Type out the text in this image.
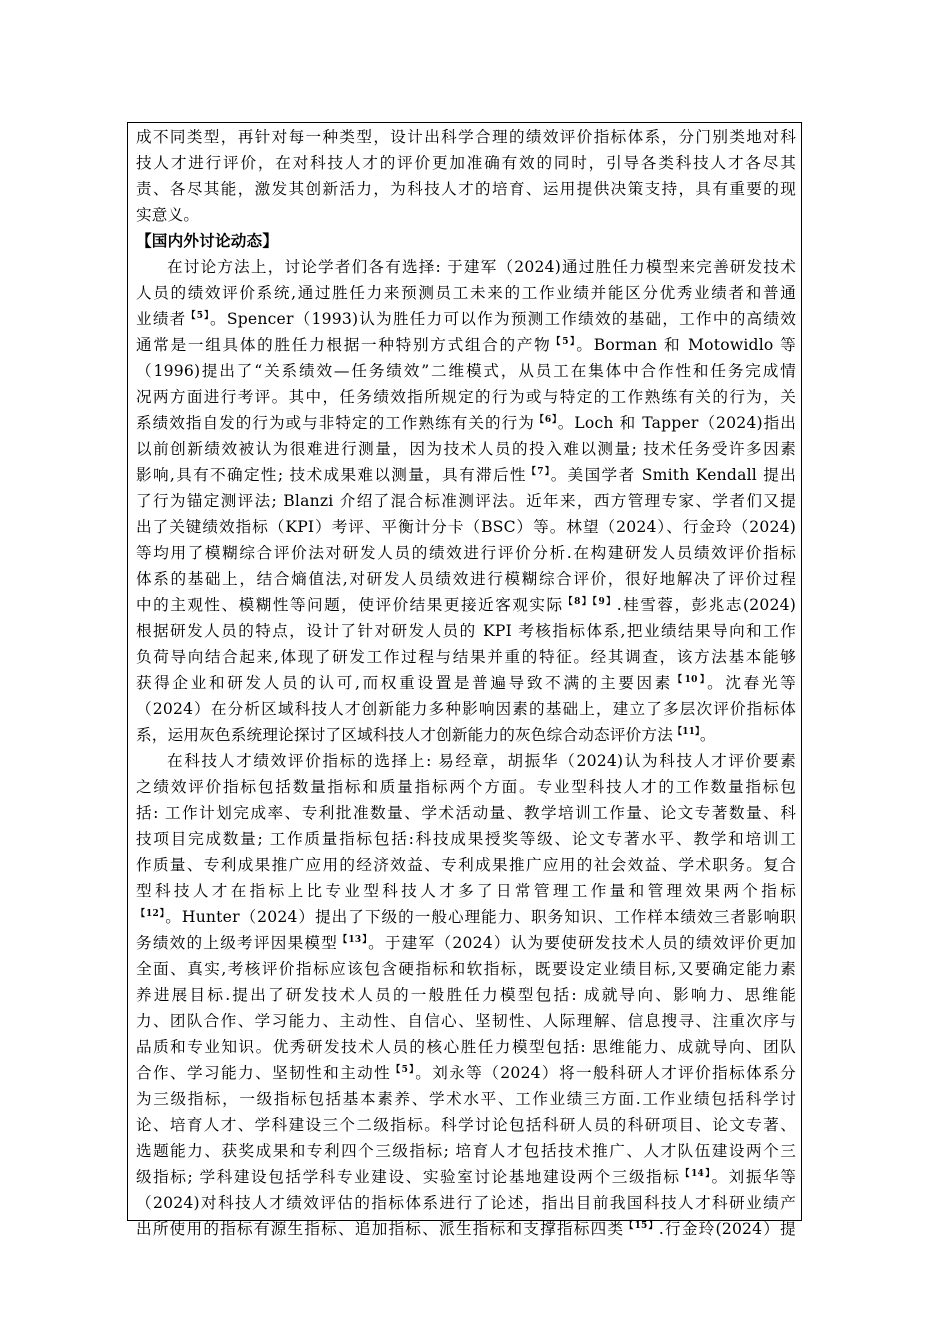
成不同类型，再针对每一种类型，设计出科学合理的绩效评价指标体系，分门别类地对科
技人才进行评价，在对科技人才的评价更加准确有效的同时，引导各类科技人才各尽其
责、各尽其能，激发其创新活力，为科技人才的培育、运用提供决策支持，具有重要的现
实意义。
【国内外讨论动态】
在讨论方法上，讨论学者们各有选择: 于建军（2024)通过胜任力模型来完善研发技术
人员的绩效评价系统,通过胜任力来预测员工未来的工作业绩并能区分优秀业绩者和普通
业绩者$^{【5】}$。Spencer（1993)认为胜任力可以作为预测工作绩效的基础，工作中的高绩效
通常是一组具体的胜任力根据一种特别方式组合的产物$^{【5】}$。Borman 和 Motowidlo 等
（1996)提出了“关系绩效—任务绩效”二维模式，从员工在集体中合作性和任务完成情
况两方面进行考评。其中，任务绩效指所规定的行为或与特定的工作熟练有关的行为，关
系绩效指自发的行为或与非特定的工作熟练有关的行为$^{【6】}$。Loch 和 Tapper（2024)指出
以前创新绩效被认为很难进行测量，因为技术人员的投入难以测量; 技术任务受许多因素
影响,具有不确定性; 技术成果难以测量，具有滞后性$^{【7】}$。美国学者 Smith Kendall 提出
了行为锚定测评法; Blanzi 介绍了混合标准测评法。近年来，西方管理专家、学者们又提
出了关键绩效指标（KPI）考评、平衡计分卡（BSC）等。林望（2024）、行金玲（2024)
等均用了模糊综合评价法对研发人员的绩效进行评价分析.在构建研发人员绩效评价指标
体系的基础上，结合熵值法,对研发人员绩效进行模糊综合评价，很好地解决了评价过程
中的主观性、模糊性等问题，使评价结果更接近客观实际$^{【8】【9】}$.桂雪蓉，彭兆志(2024)
根据研发人员的特点，设计了针对研发人员的 KPI 考核指标体系,把业绩结果导向和工作
负荷导向结合起来,体现了研发工作过程与结果并重的特征。经其调查，该方法基本能够
获得企业和研发人员的认可,而权重设置是普遍导致不满的主要因素$^{【10】}$。沈春光等
（2024）在分析区域科技人才创新能力多种影响因素的基础上，建立了多层次评价指标体
系，运用灰色系统理论探讨了区域科技人才创新能力的灰色综合动态评价方法$^{【11】}$。
在科技人才绩效评价指标的选择上: 易经章，胡振华（2024)认为科技人才评价要素
之绩效评价指标包括数量指标和质量指标两个方面。专业型科技人才的工作数量指标包
括: 工作计划完成率、专利批准数量、学术活动量、教学培训工作量、论文专著数量、科
技项目完成数量; 工作质量指标包括:科技成果授奖等级、论文专著水平、教学和培训工
作质量、专利成果推广应用的经济效益、专利成果推广应用的社会效益、学术职务。复合
型科技人才在指标上比专业型科技人才多了日常管理工作量和管理效果两个指标
$^{【12】}$。Hunter（2024）提出了下级的一般心理能力、职务知识、工作样本绩效三者影响职
务绩效的上级考评因果模型$^{【13】}$。于建军（2024）认为要使研发技术人员的绩效评价更加
全面、真实,考核评价指标应该包含硬指标和软指标，既要设定业绩目标,又要确定能力素
养进展目标.提出了研发技术人员的一般胜任力模型包括: 成就导向、影响力、思维能
力、团队合作、学习能力、主动性、自信心、坚韧性、人际理解、信息搜寻、注重次序与
品质和专业知识。优秀研发技术人员的核心胜任力模型包括: 思维能力、成就导向、团队
合作、学习能力、坚韧性和主动性$^{【5】}$。刘永等（2024）将一般科研人才评价指标体系分
为三级指标，一级指标包括基本素养、学术水平、工作业绩三方面.工作业绩包括科学讨
论、培育人才、学科建设三个二级指标。科学讨论包括科研人员的科研项目、论文专著、
选题能力、获奖成果和专利四个三级指标; 培育人才包括技术推广、人才队伍建设两个三
级指标; 学科建设包括学科专业建设、实验室讨论基地建设两个三级指标$^{【14】}$。刘振华等
（2024)对科技人才绩效评估的指标体系进行了论述，指出目前我国科技人才科研业绩产
出所使用的指标有源生指标、追加指标、派生指标和支撑指标四类$^{【15】}$.行金玲(2024）提
